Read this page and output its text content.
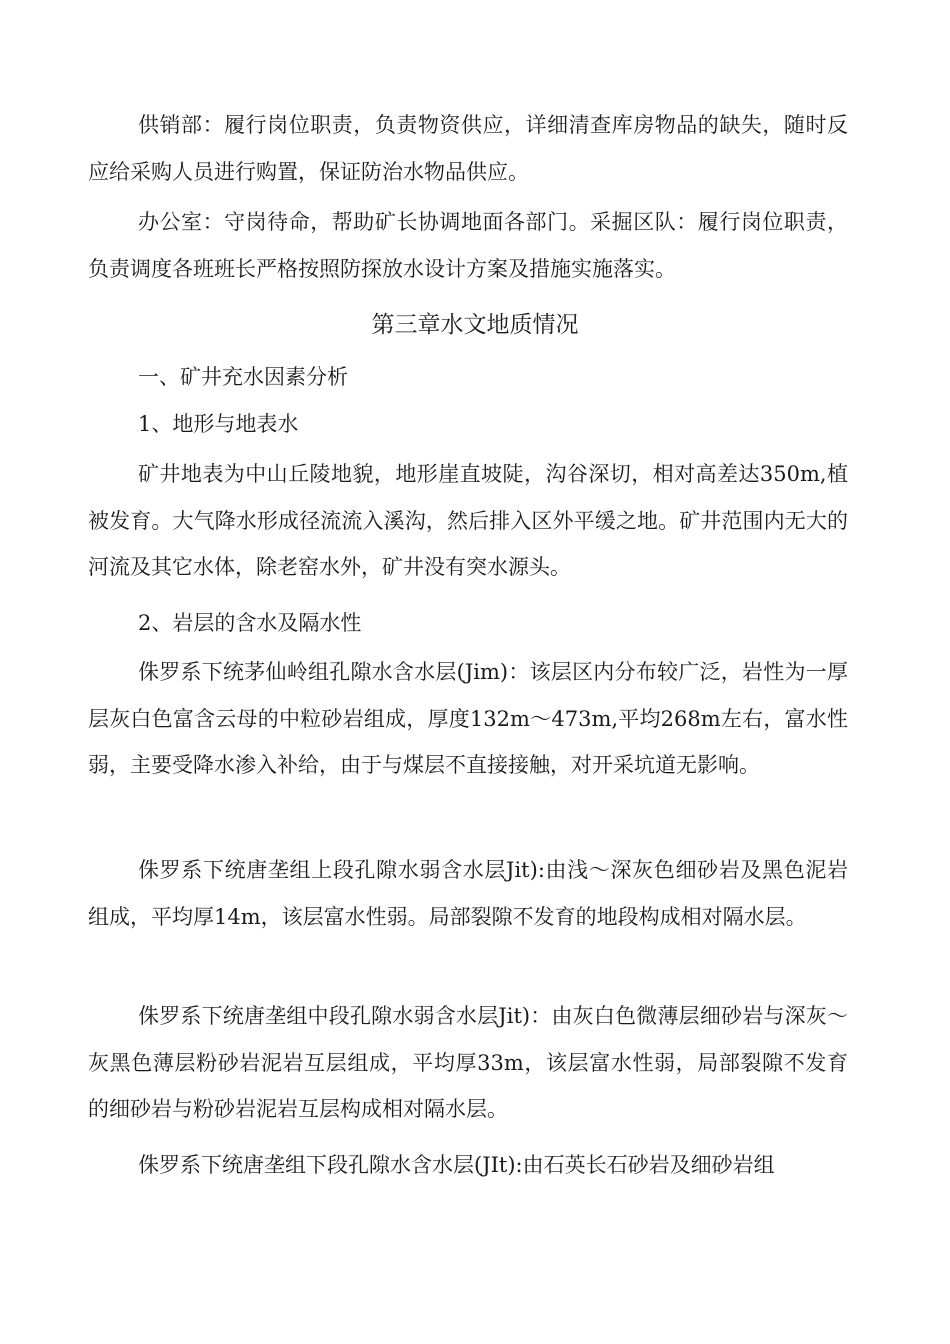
供销部：履行岗位职责，负责物资供应，详细清查库房物品的缺失，随时反应给采购人员进行购置，保证防治水物品供应。
办公室：守岗待命，帮助矿长协调地面各部门。采掘区队：履行岗位职责，负责调度各班班长严格按照防探放水设计方案及措施实施落实。
第三章水文地质情况
一、矿井充水因素分析
1、地形与地表水
矿井地表为中山丘陵地貌，地形崖直坡陡，沟谷深切，相对高差达350m,植被发育。大气降水形成径流流入溪沟，然后排入区外平缓之地。矿井范围内无大的河流及其它水体，除老窑水外，矿井没有突水源头。
2、岩层的含水及隔水性
侏罗系下统茅仙岭组孔隙水含水层(Jim)：该层区内分布较广泛，岩性为一厚层灰白色富含云母的中粒砂岩组成，厚度132m〜473m,平均268m左右，富水性弱，主要受降水渗入补给，由于与煤层不直接接触，对开采坑道无影响。
侏罗系下统唐垄组上段孔隙水弱含水层Jit):由浅〜深灰色细砂岩及黑色泥岩组成，平均厚14m，该层富水性弱。局部裂隙不发育的地段构成相对隔水层。
侏罗系下统唐垄组中段孔隙水弱含水层Jit)：由灰白色微薄层细砂岩与深灰〜灰黑色薄层粉砂岩泥岩互层组成，平均厚33m，该层富水性弱，局部裂隙不发育的细砂岩与粉砂岩泥岩互层构成相对隔水层。
侏罗系下统唐垄组下段孔隙水含水层(JIt):由石英长石砂岩及细砂岩组
